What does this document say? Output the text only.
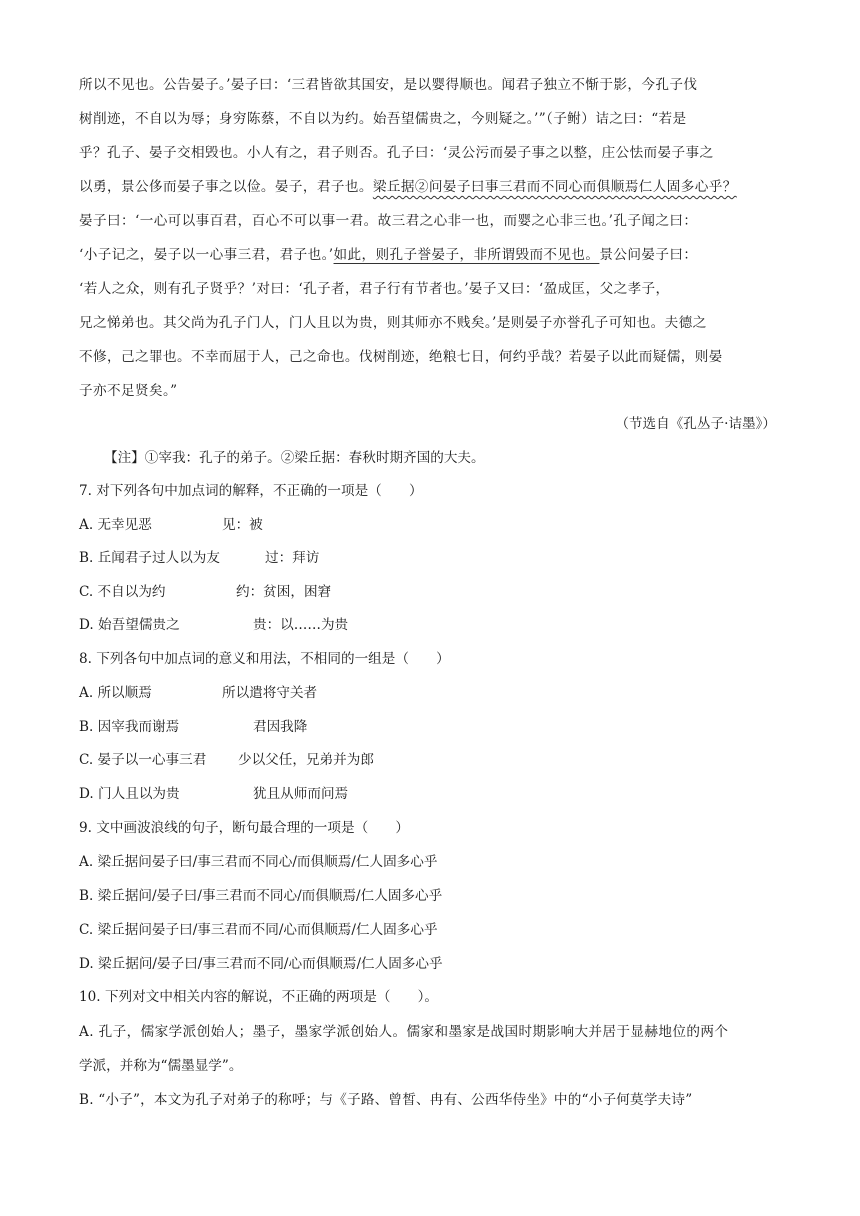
所以不见也。公告晏子。’晏子曰：‘三君皆欲其国安，是以婴得顺也。闻君子独立不惭于影，今孔子伐
树削迹，不自以为辱；身穷陈蔡，不自以为约。始吾望儒贵之，今则疑之。’”（子鲋）诘之曰：“若是
乎？孔子、晏子交相毁也。小人有之，君子则否。孔子曰：‘灵公污而晏子事之以整，庄公怯而晏子事之
以勇，景公侈而晏子事之以俭。晏子，君子也。梁丘据②问晏子曰事三君而不同心而俱顺焉仁人固多心乎？
晏子曰：‘一心可以事百君，百心不可以事一君。故三君之心非一也，而婴之心非三也。’孔子闻之曰：
‘小子记之，晏子以一心事三君，君子也。’如此，则孔子誉晏子，非所谓毁而不见也。景公问晏子曰：
‘若人之众，则有孔子贤乎？’对曰：‘孔子者，君子行有节者也。’晏子又曰：‘盈成匡，父之孝子，
兄之悌弟也。其父尚为孔子门人，门人且以为贵，则其师亦不贱矣。’是则晏子亦誉孔子可知也。夫德之
不修，己之罪也。不幸而屈于人，己之命也。伐树削迹，绝粮七日，何约乎哉？若晏子以此而疑儒，则晏
子亦不足贤矣。”
（节选自《孔丛子·诘墨》）
【注】①宰我：孔子的弟子。②梁丘据：春秋时期齐国的大夫。
7. 对下列各句中加点词的解释，不正确的一项是（　　）
A. 无幸见恶	见：被
B. 丘闻君子过人以为友	过：拜访
C. 不自以为约	约：贫困，困窘
D. 始吾望儒贵之	贵：以……为贵
8. 下列各句中加点词的意义和用法，不相同的一组是（　　）
A. 所以顺焉	所以遣将守关者
B. 因宰我而谢焉	君因我降
C. 晏子以一心事三君 少以父任，兄弟并为郎
D. 门人且以为贵	犹且从师而问焉
9. 文中画波浪线的句子，断句最合理的一项是（　　）
A. 梁丘据问晏子曰/事三君而不同心/而俱顺焉/仁人固多心乎
B. 梁丘据问/晏子曰/事三君而不同心/而俱顺焉/仁人固多心乎
C. 梁丘据问晏子曰/事三君而不同/心而俱顺焉/仁人固多心乎
D. 梁丘据问/晏子曰/事三君而不同/心而俱顺焉/仁人固多心乎
10. 下列对文中相关内容的解说，不正确的两项是（　　）。
A. 孔子，儒家学派创始人；墨子，墨家学派创始人。儒家和墨家是战国时期影响大并居于显赫地位的两个
学派，并称为“儒墨显学”。
B. “小子”，本文为孔子对弟子的称呼；与《子路、曾皙、冉有、公西华侍坐》中的“小子何莫学夫诗”
